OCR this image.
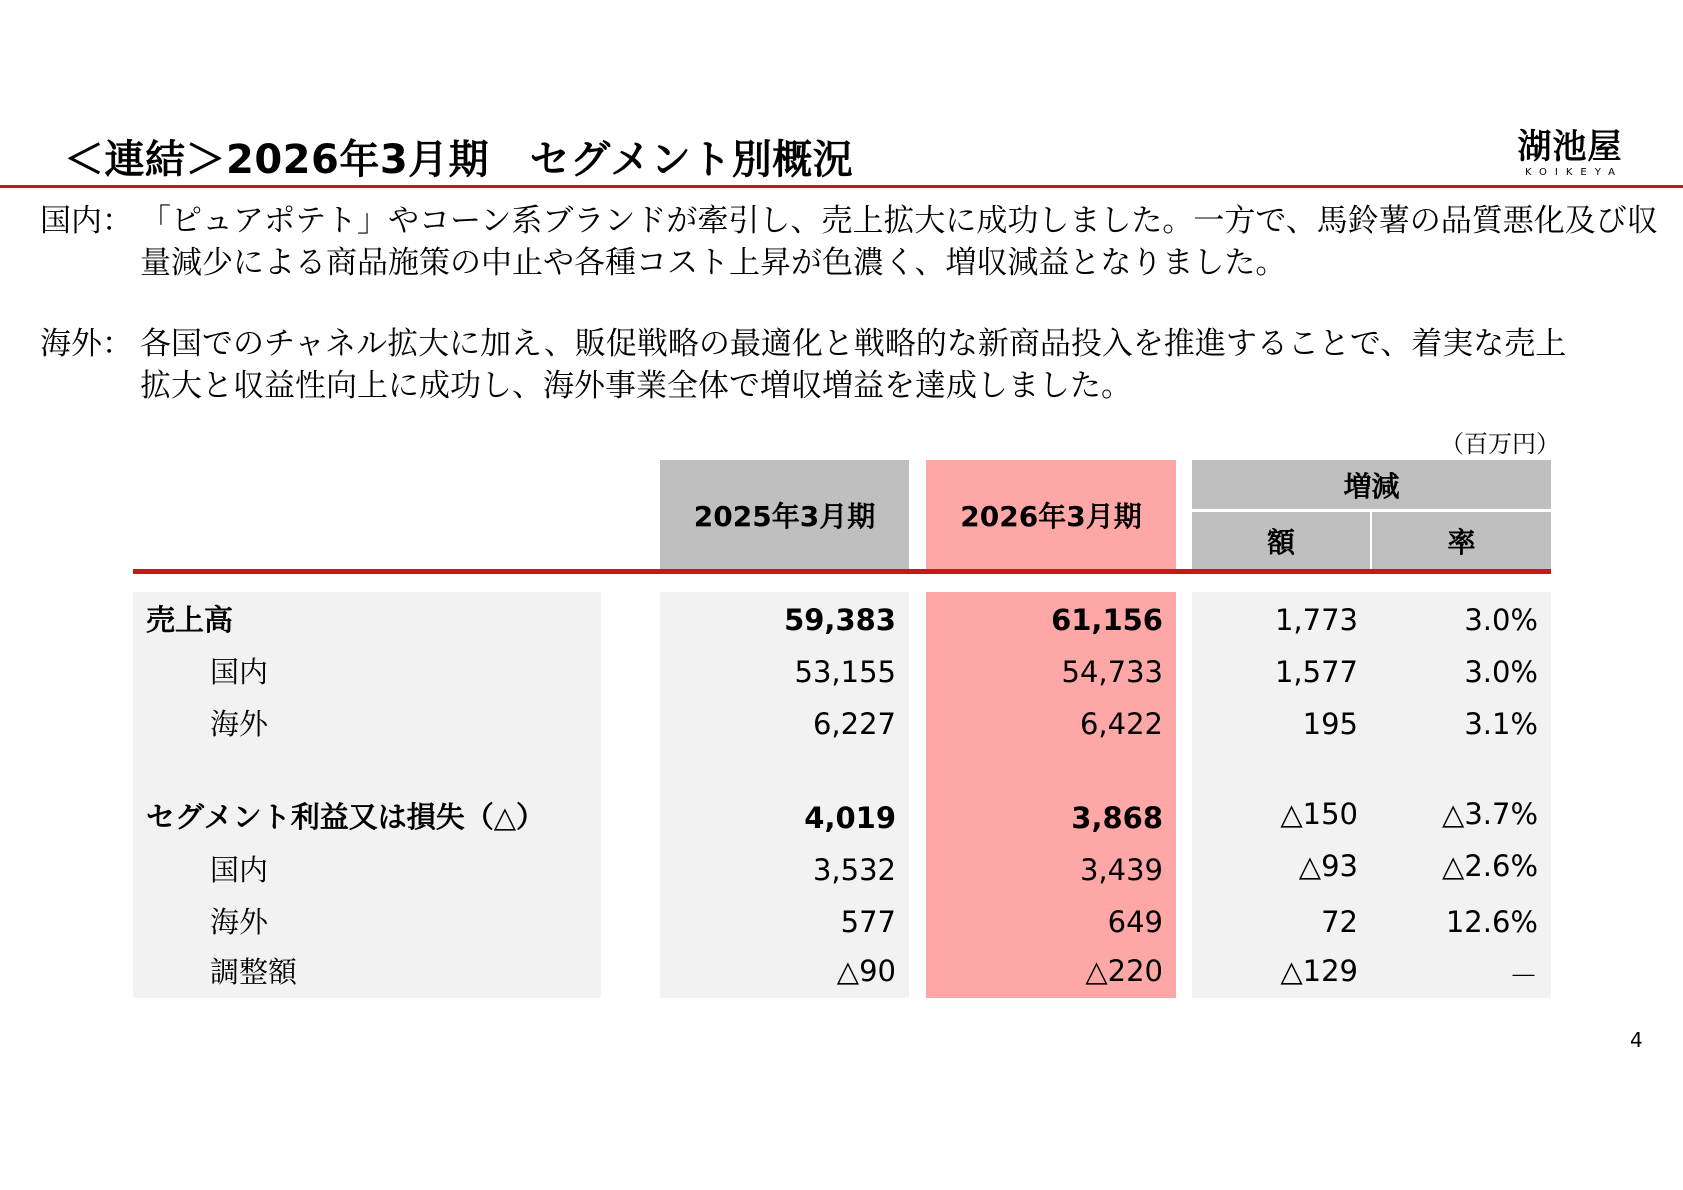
＜連結＞2026年3月期　セグメント別概況	湖池屋
KOIKEYA
国内： 「ピュアポテト」やコーン系ブランドが牽引し、売上拡大に成功しました。一方で、馬鈴薯の品質悪化及び収
量減少による商品施策の中止や各種コスト上昇が色濃く、増収減益となりました。
海外： 各国でのチャネル拡大に加え、販促戦略の最適化と戦略的な新商品投入を推進することで、着実な売上
拡大と収益性向上に成功し、海外事業全体で増収増益を達成しました。
（百万円）
2025年3月期	2026年3月期
増減
額	率
売上高	59,383	61,156	1,773	3.0%
国内	53,155	54,733	1,577	3.0%
海外	6,227	6,422	195	3.1%
セグメント利益又は損失（△）	4,019	3,868	△150	△3.7%
国内	3,532	3,439	△93	△2.6%
海外	577	649	72	12.6%
調整額	△90	△220	△129	－
4
